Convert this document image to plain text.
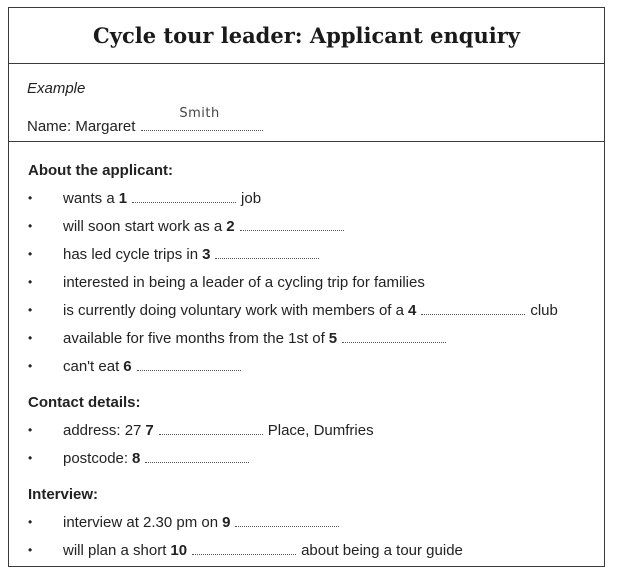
Cycle tour leader: Applicant enquiry
Example
Name: Margaret
Smith
About the applicant:
• wants a 1	job
• will soon start work as a 2
• has led cycle trips in 3
• interested in being a leader of a cycling trip for families
• is currently doing voluntary work with members of a 4	club
• available for five months from the 1st of 5
• can't eat 6
Contact details:
• address: 27 7	Place, Dumfries
• postcode: 8
Interview:
• interview at 2.30 pm on 9
• will plan a short 10	about being a tour guide
